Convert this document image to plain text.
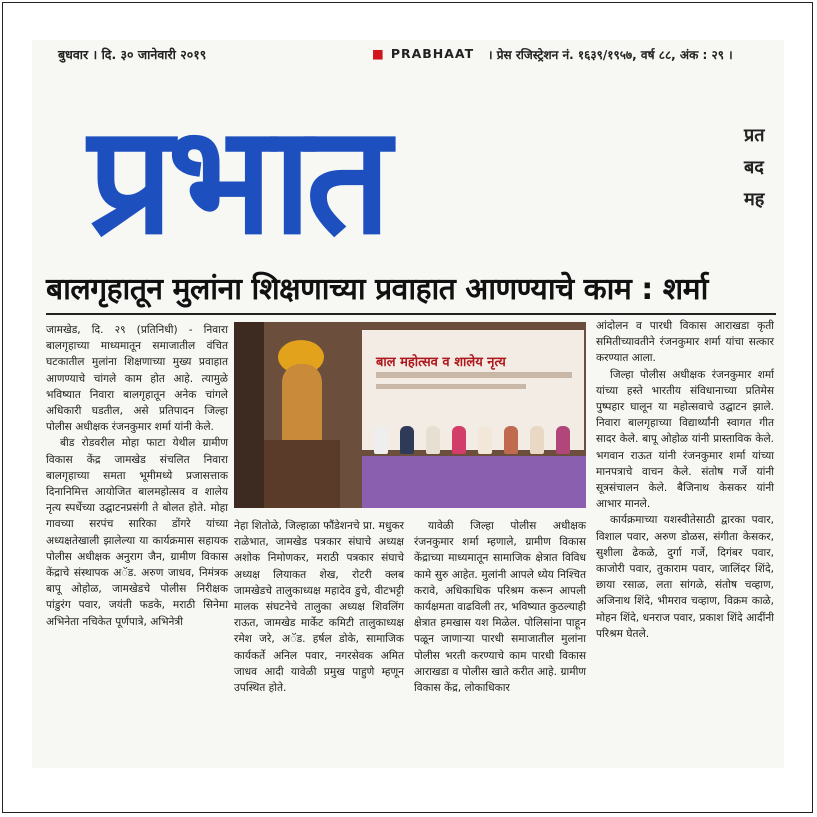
बुधवार । दि. ३० जानेवारी २०१९	■ PRABHAAT । प्रेस रजिस्ट्रेशन नं. १६३९/१९५७, वर्ष ८८, अंक : २९ ।
प्रभात	प्रत
बद
मह
बालगृहातून मुलांना शिक्षणाच्या प्रवाहात आणण्याचे काम : शर्मा

जामखेड, दि. २९ (प्रतिनिधी) - निवारा बालगृहाच्या माध्यमातून समाजातील वंचित घटकातील मुलांना शिक्षणाच्या मुख्य प्रवाहात आणण्याचे चांगले काम होत आहे. त्यामुळे भविष्यात निवारा बालगृहातून अनेक चांगले अधिकारी घडतील, असे प्रतिपादन जिल्हा पोलीस अधीक्षक रंजनकुमार शर्मा यांनी केले.

बीड रोडवरील मोहा फाटा येथील ग्रामीण विकास केंद्र जामखेड संचलित निवारा बालगृहाच्या समता भूमीमध्ये प्रजासत्ताक दिनानिमित्त आयोजित बालमहोत्सव व शालेय नृत्य स्पर्धेच्या उद्घाटनप्रसंगी ते बोलत होते. मोहा गावच्या सरपंच सारिका डोंगरे यांच्या अध्यक्षतेखाली झालेल्या या कार्यक्रमास सहायक पोलीस अधीक्षक अनुराग जैन, ग्रामीण विकास केंद्राचे संस्थापक अॅड. अरुण जाधव, निमंत्रक बापू ओहोळ, जामखेडचे पोलीस निरीक्षक पांडुरंग पवार, जयंती फडके, मराठी सिनेमा अभिनेता नचिकेत पूर्णपात्रे, अभिनेत्री

बाल महोत्सव व शालेय नृत्य

नेहा शितोळे, जिल्हाळा फौंडेशनचे प्रा. मधुकर राळेभात, जामखेड पत्रकार संघाचे अध्यक्ष अशोक निमोणकर, मराठी पत्रकार संघाचे अध्यक्ष लियाकत शेख, रोटरी क्लब जामखेडचे तालुकाध्यक्ष महादेव डुचे, वीटभट्टी मालक संघटनेचे तालुका अध्यक्ष शिवलिंग राऊत, जामखेड मार्केट कमिटी तालुकाध्यक्ष रमेश जरे, अॅड. हर्षल डोके, सामाजिक कार्यकर्ते अनिल पवार, नगरसेवक अमित जाधव आदी यावेळी प्रमुख पाहुणे म्हणून उपस्थित होते.

यावेळी जिल्हा पोलीस अधीक्षक रंजनकुमार शर्मा म्हणाले, ग्रामीण विकास केंद्राच्या माध्यमातून सामाजिक क्षेत्रात विविध कामे सुरु आहेत. मुलांनी आपले ध्येय निश्चित करावे, अधिकाधिक परिश्रम करून आपली कार्यक्षमता वाढविली तर, भविष्यात कुठल्याही क्षेत्रात हमखास यश मिळेल. पोलिसांना पाहून पळून जाणाऱ्या पारधी समाजातील मुलांना पोलीस भरती करण्याचे काम पारधी विकास आराखडा व पोलीस खाते करीत आहे. ग्रामीण विकास केंद्र, लोकाधिकार

आंदोलन व पारधी विकास आराखडा कृती समितीच्यावतीने रंजनकुमार शर्मा यांचा सत्कार करण्यात आला.

जिल्हा पोलीस अधीक्षक रंजनकुमार शर्मा यांच्या हस्ते भारतीय संविधानाच्या प्रतिमेस पुष्पहार घालून या महोत्सवाचे उद्घाटन झाले. निवारा बालगृहाच्या विद्यार्थ्यांनी स्वागत गीत सादर केले. बापू ओहोळ यांनी प्रास्ताविक केले. भगवान राऊत यांनी रंजनकुमार शर्मा यांच्या मानपत्राचे वाचन केले. संतोष गर्जे यांनी सूत्रसंचालन केले. बैजिनाथ केसकर यांनी आभार मानले.

कार्यक्रमाच्या यशस्वीतेसाठी द्वारका पवार, विशाल पवार, अरुण डोळस, संगीता केसकर, सुशीला ढेकळे, दुर्गा गर्जे, दिगंबर पवार, काजोरी पवार, तुकाराम पवार, जालिंदर शिंदे, छाया रसाळ, लता सांगळे, संतोष चव्हाण, अजिनाथ शिंदे, भीमराव चव्हाण, विक्रम काळे, मोहन शिंदे, धनराज पवार, प्रकाश शिंदे आदींनी परिश्रम घेतले.
